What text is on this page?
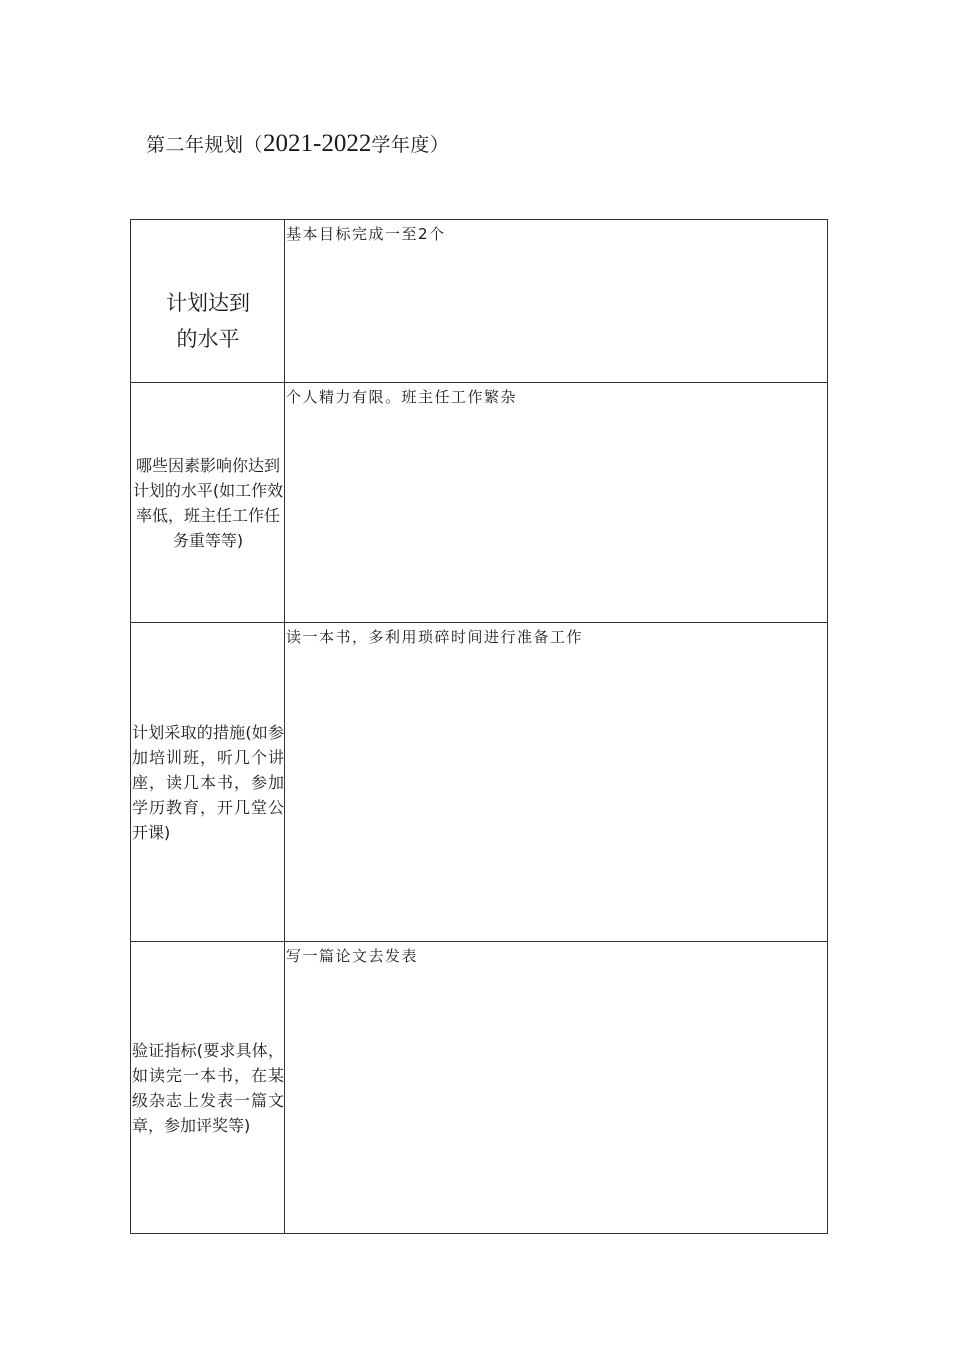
第二年规划（2021-2022学年度）
计划达到
的水平	基本目标完成一至2个

哪些因素影响你达到计划的水平(如工作效率低，班主任工作任务重等等)	个人精力有限。班主任工作繁杂

计划采取的措施(如参加培训班，听几个讲座，读几本书，参加学历教育，开几堂公开课)	读一本书，多利用琐碎时间进行准备工作

验证指标(要求具体，如读完一本书，在某级杂志上发表一篇文章，参加评奖等)	写一篇论文去发表
